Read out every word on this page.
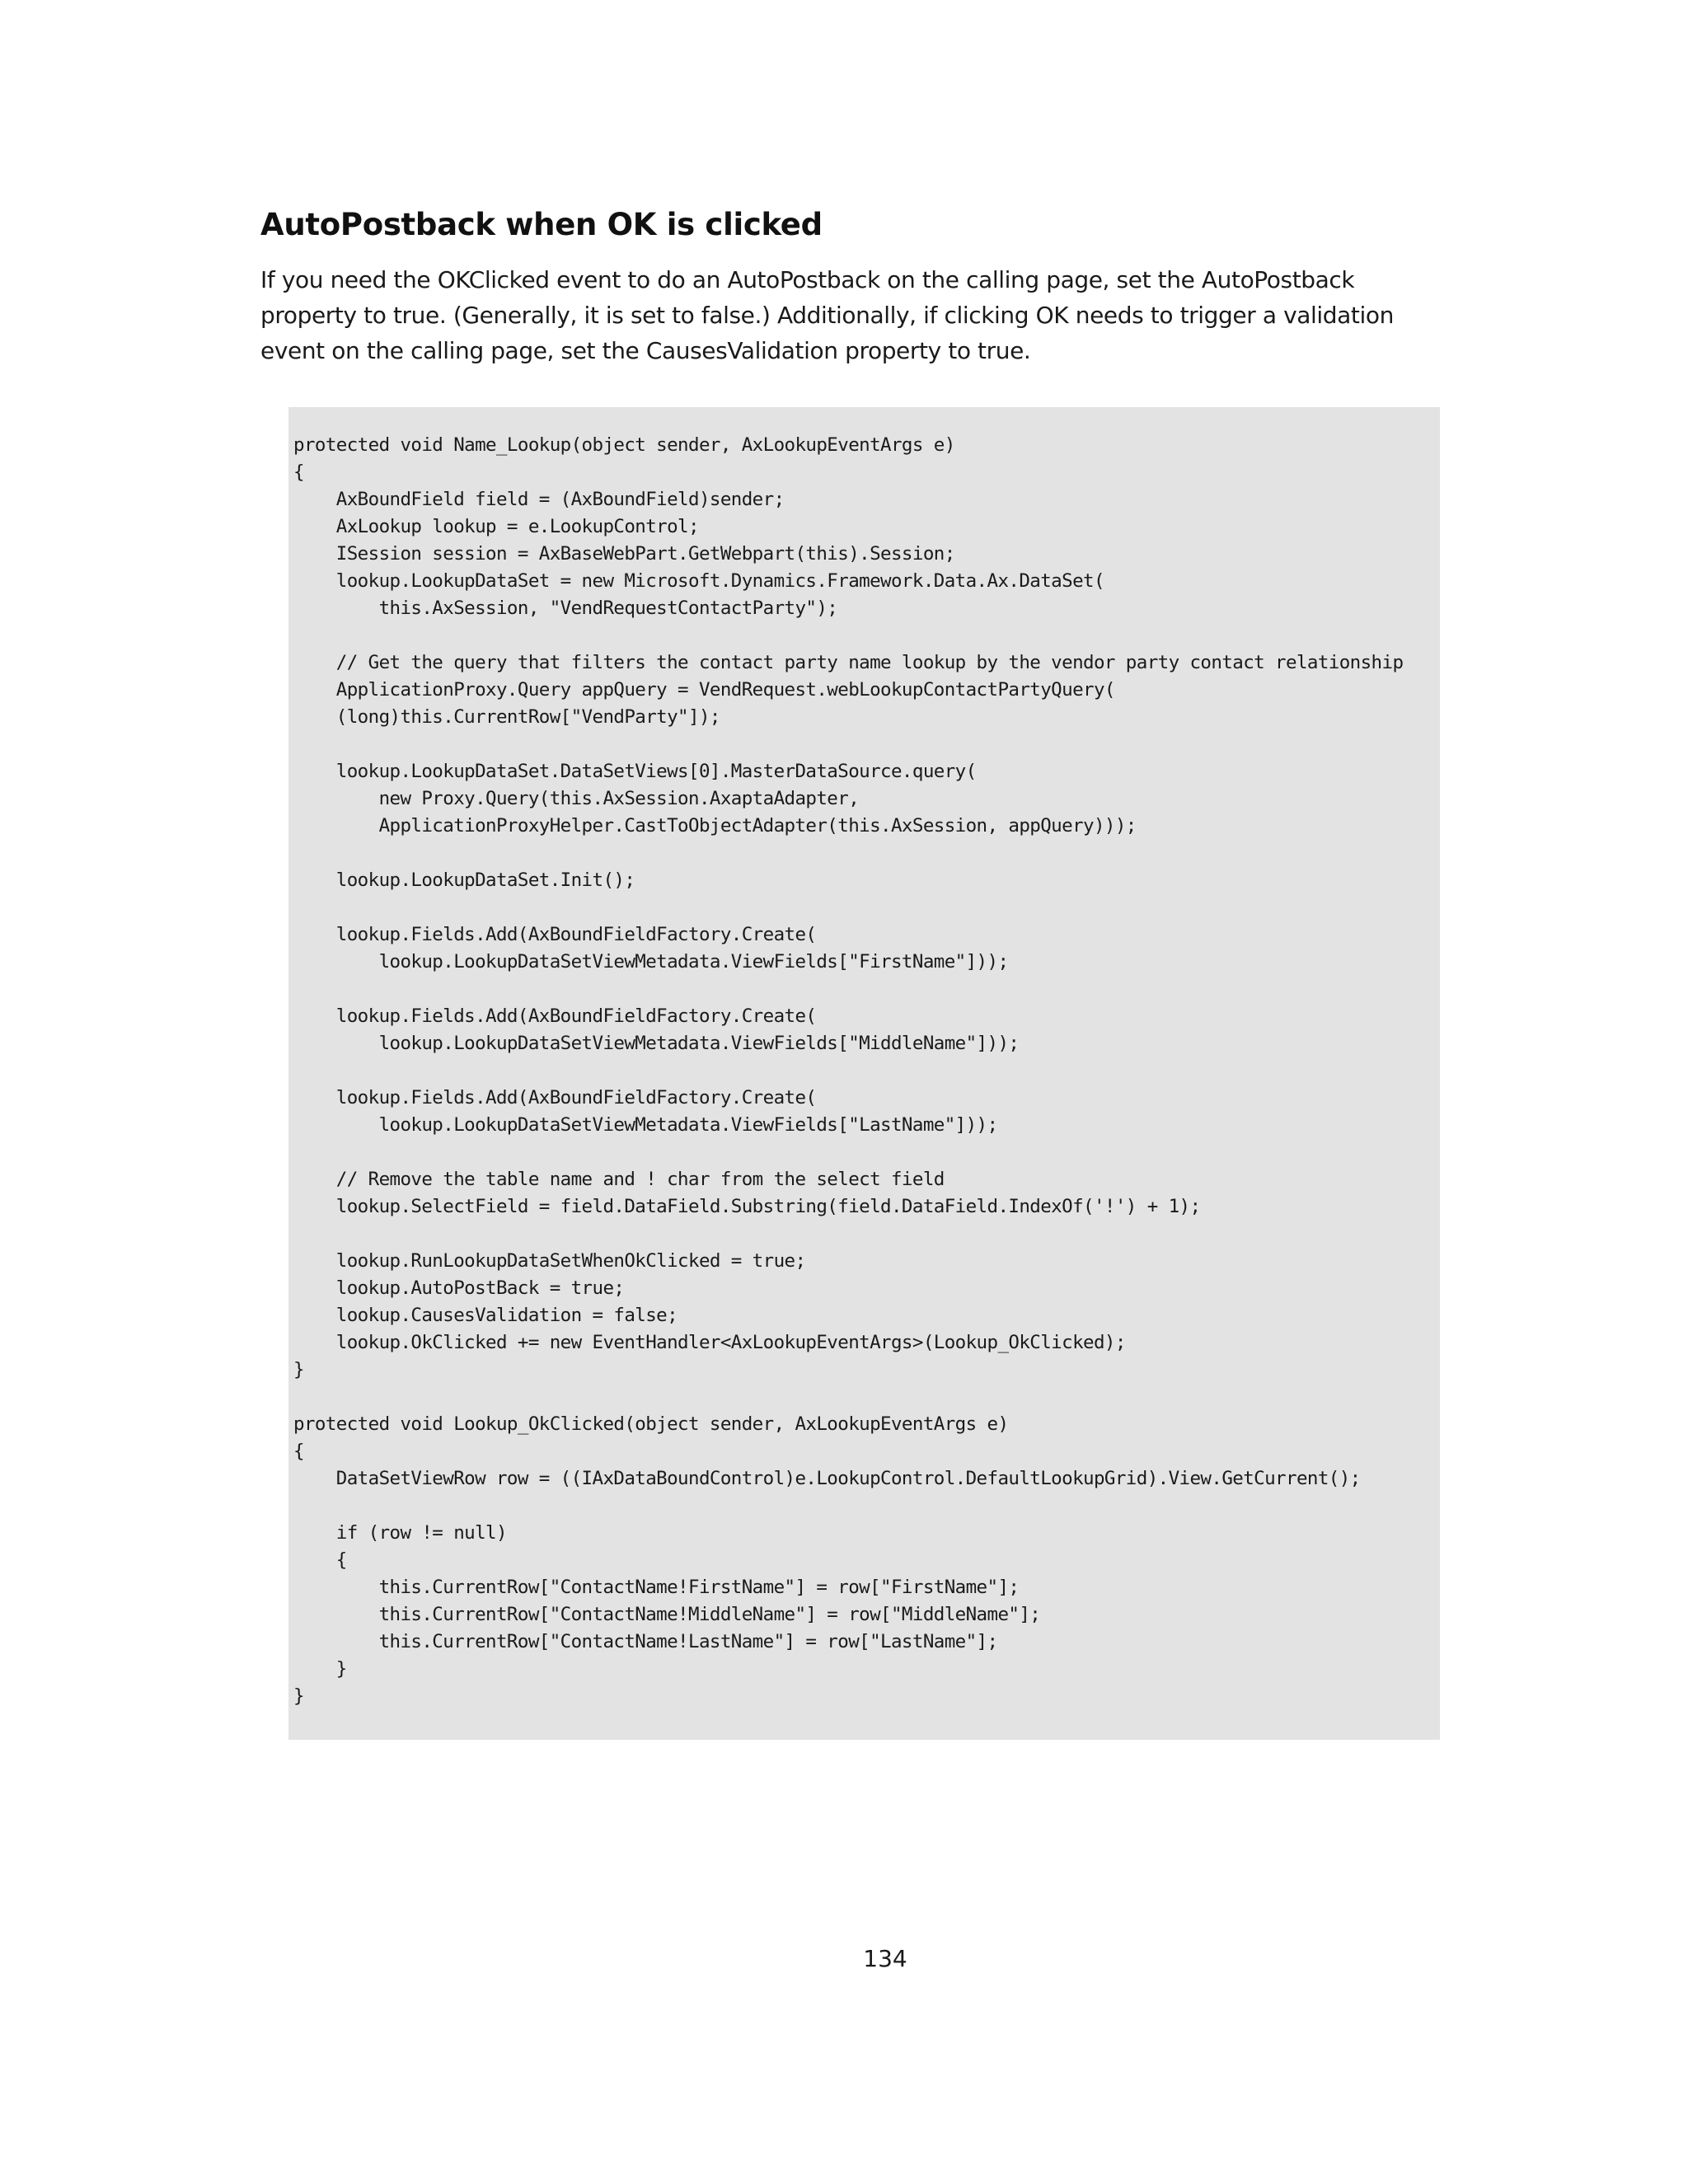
AutoPostback when OK is clicked

If you need the OKClicked event to do an AutoPostback on the calling page, set the AutoPostback property to true. (Generally, it is set to false.) Additionally, if clicking OK needs to trigger a validation event on the calling page, set the CausesValidation property to true.

protected void Name_Lookup(object sender, AxLookupEventArgs e)
{
AxBoundField field = (AxBoundField)sender;
AxLookup lookup = e.LookupControl;
ISession session = AxBaseWebPart.GetWebpart(this).Session;
lookup.LookupDataSet = new Microsoft.Dynamics.Framework.Data.Ax.DataSet(
this.AxSession, "VendRequestContactParty");
// Get the query that filters the contact party name lookup by the vendor party contact relationship
ApplicationProxy.Query appQuery = VendRequest.webLookupContactPartyQuery(
(long)this.CurrentRow["VendParty"]);
lookup.LookupDataSet.DataSetViews[0].MasterDataSource.query(
new Proxy.Query(this.AxSession.AxaptaAdapter,
ApplicationProxyHelper.CastToObjectAdapter(this.AxSession, appQuery)));
lookup.LookupDataSet.Init();
lookup.Fields.Add(AxBoundFieldFactory.Create(
lookup.LookupDataSetViewMetadata.ViewFields["FirstName"]));
lookup.Fields.Add(AxBoundFieldFactory.Create(
lookup.LookupDataSetViewMetadata.ViewFields["MiddleName"]));
lookup.Fields.Add(AxBoundFieldFactory.Create(
lookup.LookupDataSetViewMetadata.ViewFields["LastName"]));
// Remove the table name and ! char from the select field
lookup.SelectField = field.DataField.Substring(field.DataField.IndexOf('!') + 1);
lookup.RunLookupDataSetWhenOkClicked = true;
lookup.AutoPostBack = true;
lookup.CausesValidation = false;
lookup.OkClicked += new EventHandler<AxLookupEventArgs>(Lookup_OkClicked);
}
protected void Lookup_OkClicked(object sender, AxLookupEventArgs e)
{
DataSetViewRow row = ((IAxDataBoundControl)e.LookupControl.DefaultLookupGrid).View.GetCurrent();
if (row != null)
{
this.CurrentRow["ContactName!FirstName"] = row["FirstName"];
this.CurrentRow["ContactName!MiddleName"] = row["MiddleName"];
this.CurrentRow["ContactName!LastName"] = row["LastName"];
}
}
134
